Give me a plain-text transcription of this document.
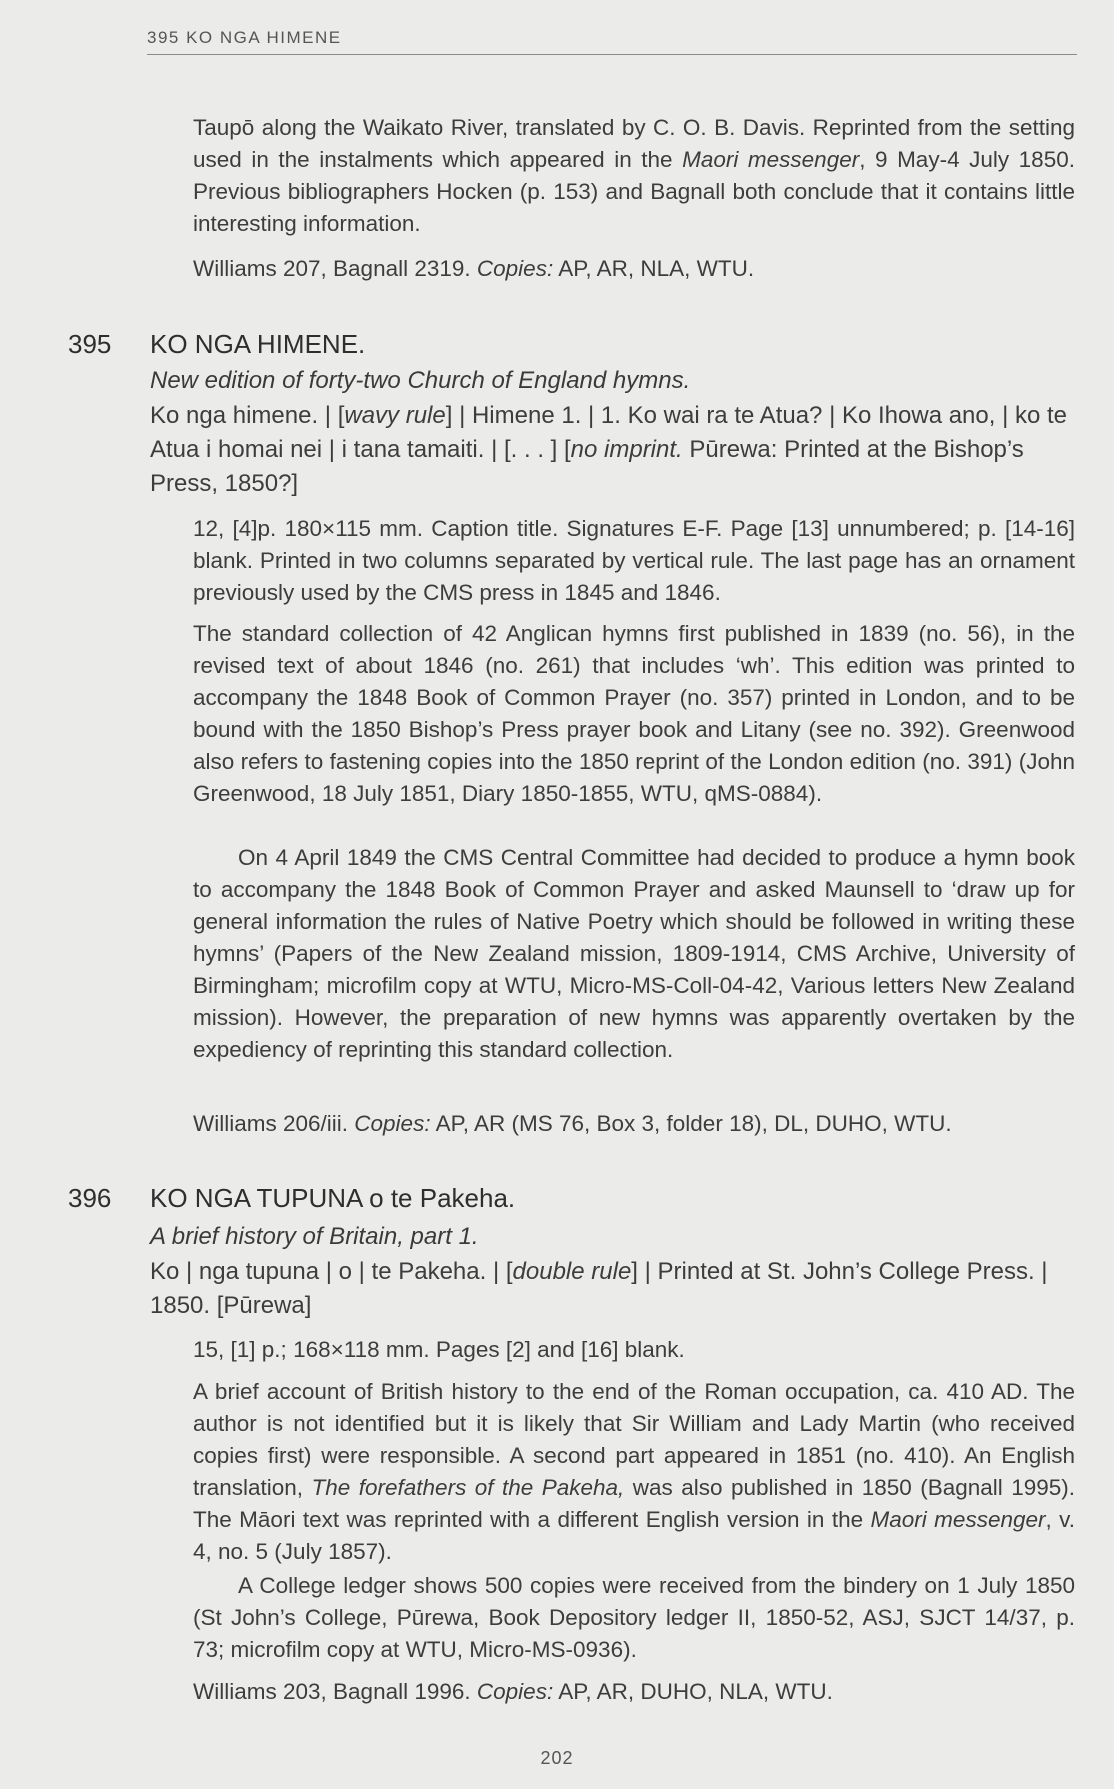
395 KO NGA HIMENE

Taupō along the Waikato River, translated by C. O. B. Davis. Reprinted from the setting used in the instalments which appeared in the Maori messenger, 9 May-4 July 1850. Previous bibliographers Hocken (p. 153) and Bagnall both conclude that it contains little interesting information.

Williams 207, Bagnall 2319. Copies: AP, AR, NLA, WTU.

395 KO NGA HIMENE.
New edition of forty-two Church of England hymns.

Ko nga himene. | [wavy rule] | Himene 1. | 1. Ko wai ra te Atua? | Ko Ihowa ano, | ko te Atua i homai nei | i tana tamaiti. | [. . . ] [no imprint. Pūrewa: Printed at the Bishop’s Press, 1850?]

12, [4]p. 180×115 mm. Caption title. Signatures E-F. Page [13] unnumbered; p. [14-16] blank. Printed in two columns separated by vertical rule. The last page has an ornament previously used by the CMS press in 1845 and 1846.

The standard collection of 42 Anglican hymns first published in 1839 (no. 56), in the revised text of about 1846 (no. 261) that includes ‘wh’. This edition was printed to accompany the 1848 Book of Common Prayer (no. 357) printed in London, and to be bound with the 1850 Bishop’s Press prayer book and Litany (see no. 392). Greenwood also refers to fastening copies into the 1850 reprint of the London edition (no. 391) (John Greenwood, 18 July 1851, Diary 1850-1855, WTU, qMS-0884).

On 4 April 1849 the CMS Central Committee had decided to produce a hymn book to accompany the 1848 Book of Common Prayer and asked Maunsell to ‘draw up for general information the rules of Native Poetry which should be followed in writing these hymns’ (Papers of the New Zealand mission, 1809-1914, CMS Archive, University of Birmingham; microfilm copy at WTU, Micro-MS-Coll-04-42, Various letters New Zealand mission). However, the preparation of new hymns was apparently overtaken by the expediency of reprinting this standard collection.

Williams 206/iii. Copies: AP, AR (MS 76, Box 3, folder 18), DL, DUHO, WTU.

396 KO NGA TUPUNA o te Pakeha.
A brief history of Britain, part 1.

Ko | nga tupuna | o | te Pakeha. | [double rule] | Printed at St. John’s College Press. | 1850. [Pūrewa]

15, [1] p.; 168×118 mm. Pages [2] and [16] blank.

A brief account of British history to the end of the Roman occupation, ca. 410 AD. The author is not identified but it is likely that Sir William and Lady Martin (who received copies first) were responsible. A second part appeared in 1851 (no. 410). An English translation, The forefathers of the Pakeha, was also published in 1850 (Bagnall 1995). The Māori text was reprinted with a different English version in the Maori messenger, v. 4, no. 5 (July 1857).

A College ledger shows 500 copies were received from the bindery on 1 July 1850 (St John’s College, Pūrewa, Book Depository ledger II, 1850-52, ASJ, SJCT 14/37, p. 73; microfilm copy at WTU, Micro-MS-0936).

Williams 203, Bagnall 1996. Copies: AP, AR, DUHO, NLA, WTU.

202
